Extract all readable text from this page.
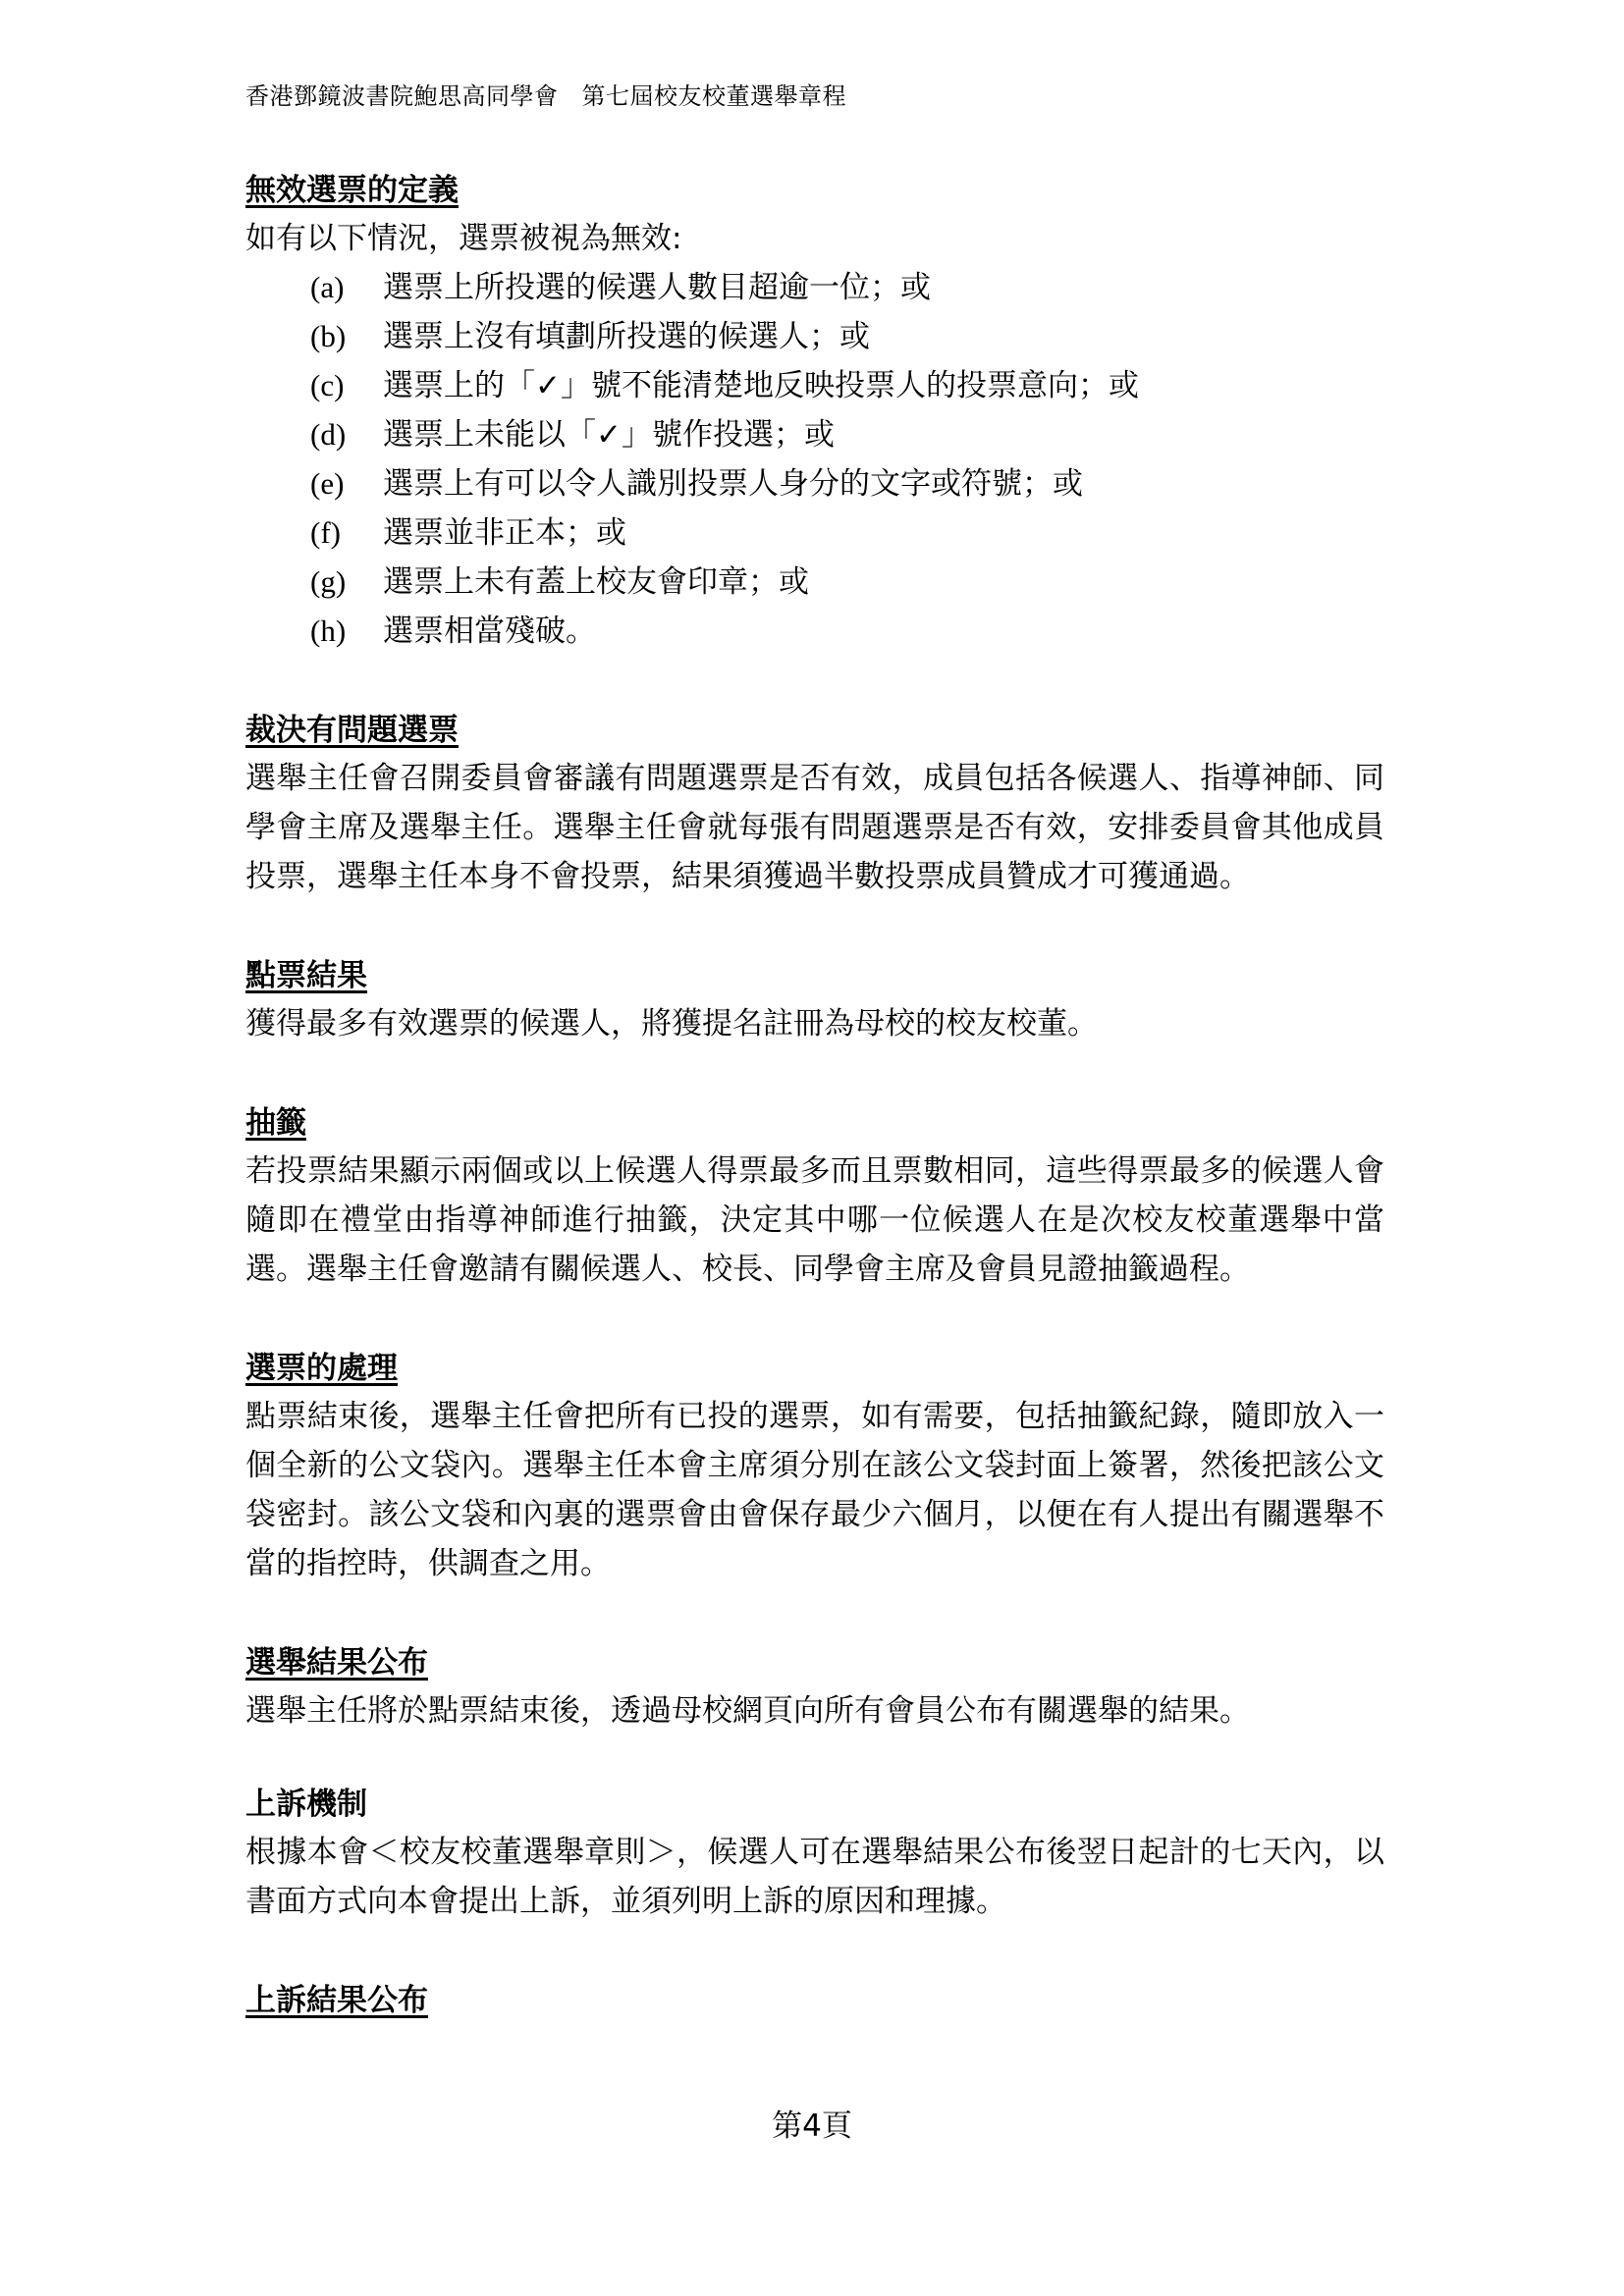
香港鄧鏡波書院鮑思高同學會 第七屆校友校董選舉章程
無效選票的定義
如有以下情況，選票被視為無效:
(a)	選票上所投選的候選人數目超逾一位；或
(b)	選票上沒有填劃所投選的候選人；或
(c)	選票上的「✓」號不能清楚地反映投票人的投票意向；或
(d)	選票上未能以「✓」號作投選；或
(e)	選票上有可以令人識別投票人身分的文字或符號；或
(f)	選票並非正本；或
(g)	選票上未有蓋上校友會印章；或
(h)	選票相當殘破。
裁決有問題選票
選舉主任會召開委員會審議有問題選票是否有效，成員包括各候選人、指導神師、同學會主席及選舉主任。選舉主任會就每張有問題選票是否有效，安排委員會其他成員投票，選舉主任本身不會投票，結果須獲過半數投票成員贊成才可獲通過。
點票結果
獲得最多有效選票的候選人，將獲提名註冊為母校的校友校董。
抽籤
若投票結果顯示兩個或以上候選人得票最多而且票數相同，這些得票最多的候選人會隨即在禮堂由指導神師進行抽籤，決定其中哪一位候選人在是次校友校董選舉中當選。選舉主任會邀請有關候選人、校長、同學會主席及會員見證抽籤過程。
選票的處理
點票結束後，選舉主任會把所有已投的選票，如有需要，包括抽籤紀錄，隨即放入一個全新的公文袋內。選舉主任本會主席須分別在該公文袋封面上簽署，然後把該公文袋密封。該公文袋和內裏的選票會由會保存最少六個月，以便在有人提出有關選舉不當的指控時，供調查之用。
選舉結果公布
選舉主任將於點票結束後，透過母校網頁向所有會員公布有關選舉的結果。
上訴機制
根據本會＜校友校董選舉章則＞，候選人可在選舉結果公布後翌日起計的七天內，以書面方式向本會提出上訴，並須列明上訴的原因和理據。
上訴結果公布
第4頁
